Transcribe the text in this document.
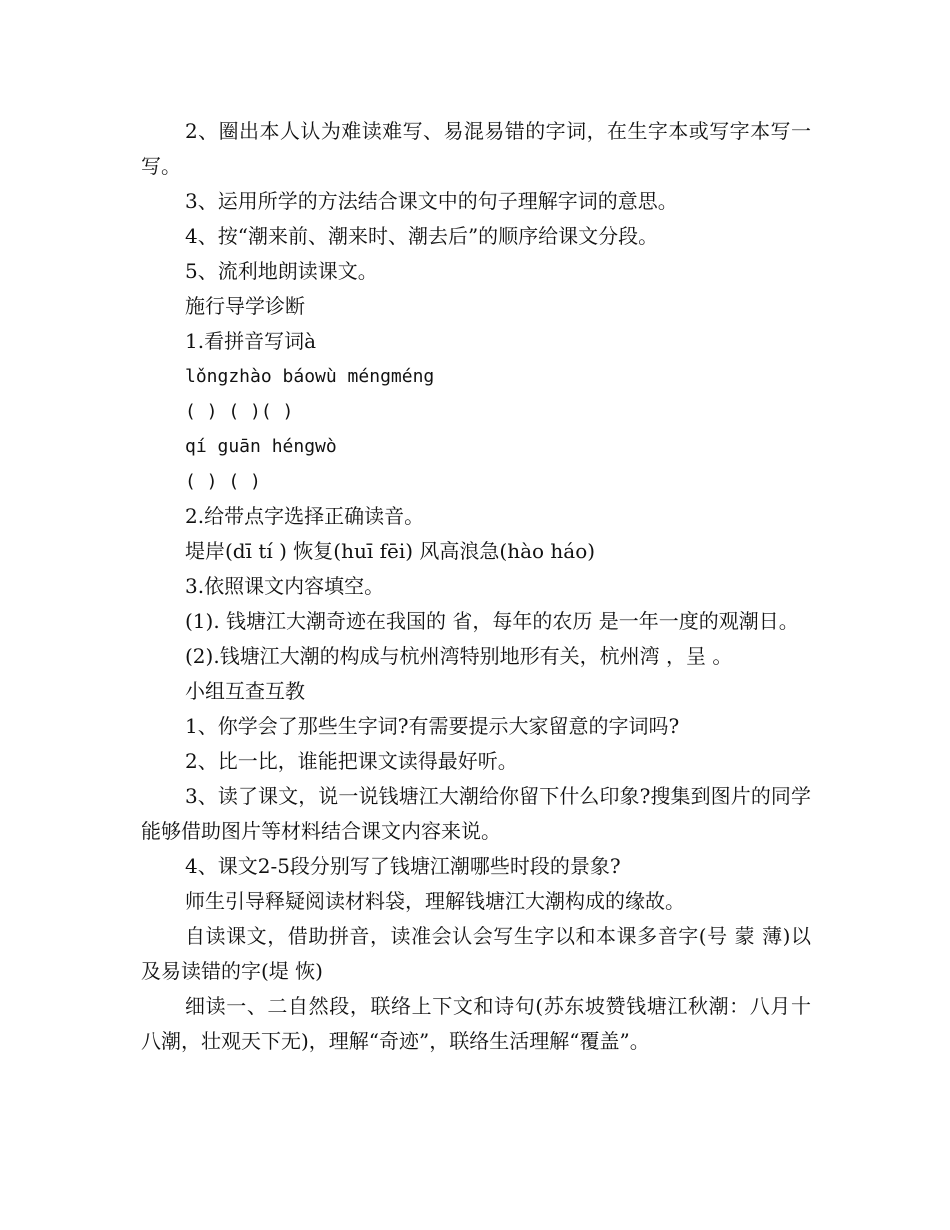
2、圈出本人认为难读难写、易混易错的字词，在生字本或写字本写一写。

3、运用所学的方法结合课文中的句子理解字词的意思。

4、按“潮来前、潮来时、潮去后”的顺序给课文分段。

5、流利地朗读课文。

施行导学诊断

1.看拼音写词à

lǒngzhào báowù méngméng

( ) ( )( )

qí guān héngwò

( ) ( )

2.给带点字选择正确读音。

堤岸(dī tí ) 恢复(huī fēi) 风高浪急(hào háo)

3.依照课文内容填空。

(1). 钱塘江大潮奇迹在我国的 省，每年的农历 是一年一度的观潮日。

(2).钱塘江大潮的构成与杭州湾特别地形有关，杭州湾 ，呈 。

小组互查互教

1、你学会了那些生字词?有需要提示大家留意的字词吗?

2、比一比，谁能把课文读得最好听。

3、读了课文，说一说钱塘江大潮给你留下什么印象?搜集到图片的同学能够借助图片等材料结合课文内容来说。

4、课文2-5段分别写了钱塘江潮哪些时段的景象?

师生引导释疑阅读材料袋，理解钱塘江大潮构成的缘故。

自读课文，借助拼音，读准会认会写生字以和本课多音字(号 蒙 薄)以及易读错的字(堤 恢)

细读一、二自然段，联络上下文和诗句(苏东坡赞钱塘江秋潮：八月十八潮，壮观天下无)，理解“奇迹”，联络生活理解“覆盖”。
